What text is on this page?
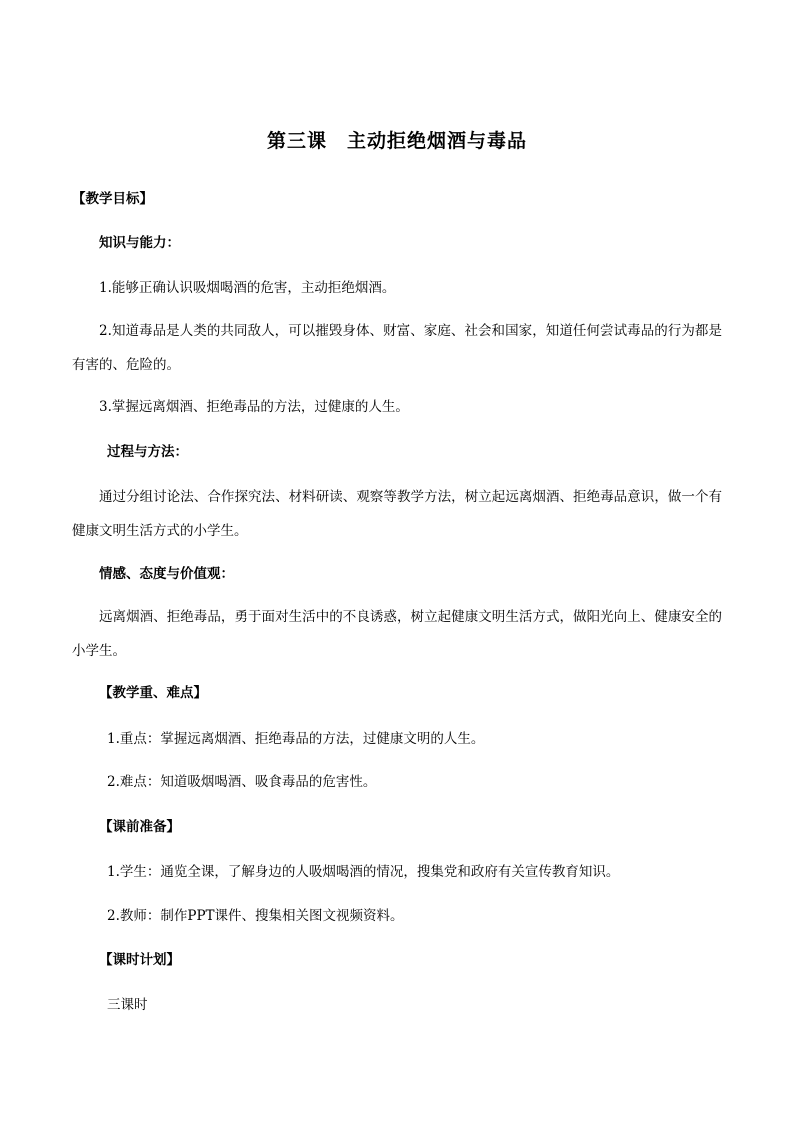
第三课　主动拒绝烟酒与毒品
【教学目标】
知识与能力：
1.能够正确认识吸烟喝酒的危害，主动拒绝烟酒。
2.知道毒品是人类的共同敌人，可以摧毁身体、财富、家庭、社会和国家，知道任何尝试毒品的行为都是有害的、危险的。
3.掌握远离烟酒、拒绝毒品的方法，过健康的人生。
过程与方法：
通过分组讨论法、合作探究法、材料研读、观察等教学方法，树立起远离烟酒、拒绝毒品意识，做一个有健康文明生活方式的小学生。
情感、态度与价值观：
远离烟酒、拒绝毒品，勇于面对生活中的不良诱惑，树立起健康文明生活方式，做阳光向上、健康安全的小学生。
【教学重、难点】
1.重点：掌握远离烟酒、拒绝毒品的方法，过健康文明的人生。
2.难点：知道吸烟喝酒、吸食毒品的危害性。
【课前准备】
1.学生：通览全课，了解身边的人吸烟喝酒的情况，搜集党和政府有关宣传教育知识。
2.教师：制作PPT课件、搜集相关图文视频资料。
【课时计划】
三课时
